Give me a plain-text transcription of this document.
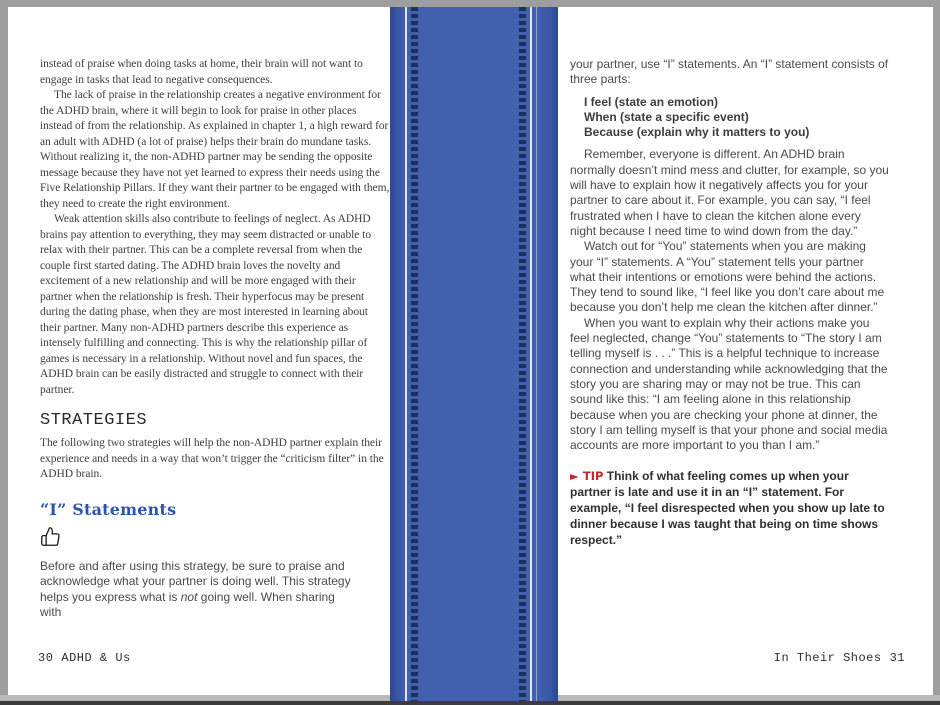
instead of praise when doing tasks at home, their brain will not want to engage in tasks that lead to negative consequences.

The lack of praise in the relationship creates a negative environment for the ADHD brain, where it will begin to look for praise in other places instead of from the relationship. As explained in chapter 1, a high reward for an adult with ADHD (a lot of praise) helps their brain do mundane tasks. Without realizing it, the non-ADHD partner may be sending the opposite message because they have not yet learned to express their needs using the Five Relationship Pillars. If they want their partner to be engaged with them, they need to create the right environment.

Weak attention skills also contribute to feelings of neglect. As ADHD brains pay attention to everything, they may seem distracted or unable to relax with their partner. This can be a complete reversal from when the couple first started dating. The ADHD brain loves the novelty and excitement of a new relationship and will be more engaged with their partner when the relationship is fresh. Their hyperfocus may be present during the dating phase, when they are most interested in learning about their partner. Many non-ADHD partners describe this experience as intensely fulfilling and connecting. This is why the relationship pillar of games is necessary in a relationship. Without novel and fun spaces, the ADHD brain can be easily distracted and struggle to connect with their partner.

STRATEGIES

The following two strategies will help the non-ADHD partner explain their experience and needs in a way that won’t trigger the “criticism filter” in the ADHD brain.

“I” Statements

Before and after using this strategy, be sure to praise and acknowledge what your partner is doing well. This strategy helps you express what is not going well. When sharing with

your partner, use “I” statements. An “I” statement consists of three parts:

I feel (state an emotion)
When (state a specific event)
Because (explain why it matters to you)

Remember, everyone is different. An ADHD brain normally doesn’t mind mess and clutter, for example, so you will have to explain how it negatively affects you for your partner to care about it. For example, you can say, “I feel frustrated when I have to clean the kitchen alone every night because I need time to wind down from the day.”

Watch out for “You” statements when you are making your “I” statements. A “You” statement tells your partner what their intentions or emotions were behind the actions. They tend to sound like, “I feel like you don’t care about me because you don’t help me clean the kitchen after dinner.”

When you want to explain why their actions make you feel neglected, change “You” statements to “The story I am telling myself is . . .” This is a helpful technique to increase connection and understanding while acknowledging that the story you are sharing may or may not be true. This can sound like this: “I am feeling alone in this relationship because when you are checking your phone at dinner, the story I am telling myself is that your phone and social media accounts are more important to you than I am.”

► TIP Think of what feeling comes up when your partner is late and use it in an “I” statement. For example, “I feel disrespected when you show up late to dinner because I was taught that being on time shows respect.”

30 ADHD & Us	In Their Shoes 31
